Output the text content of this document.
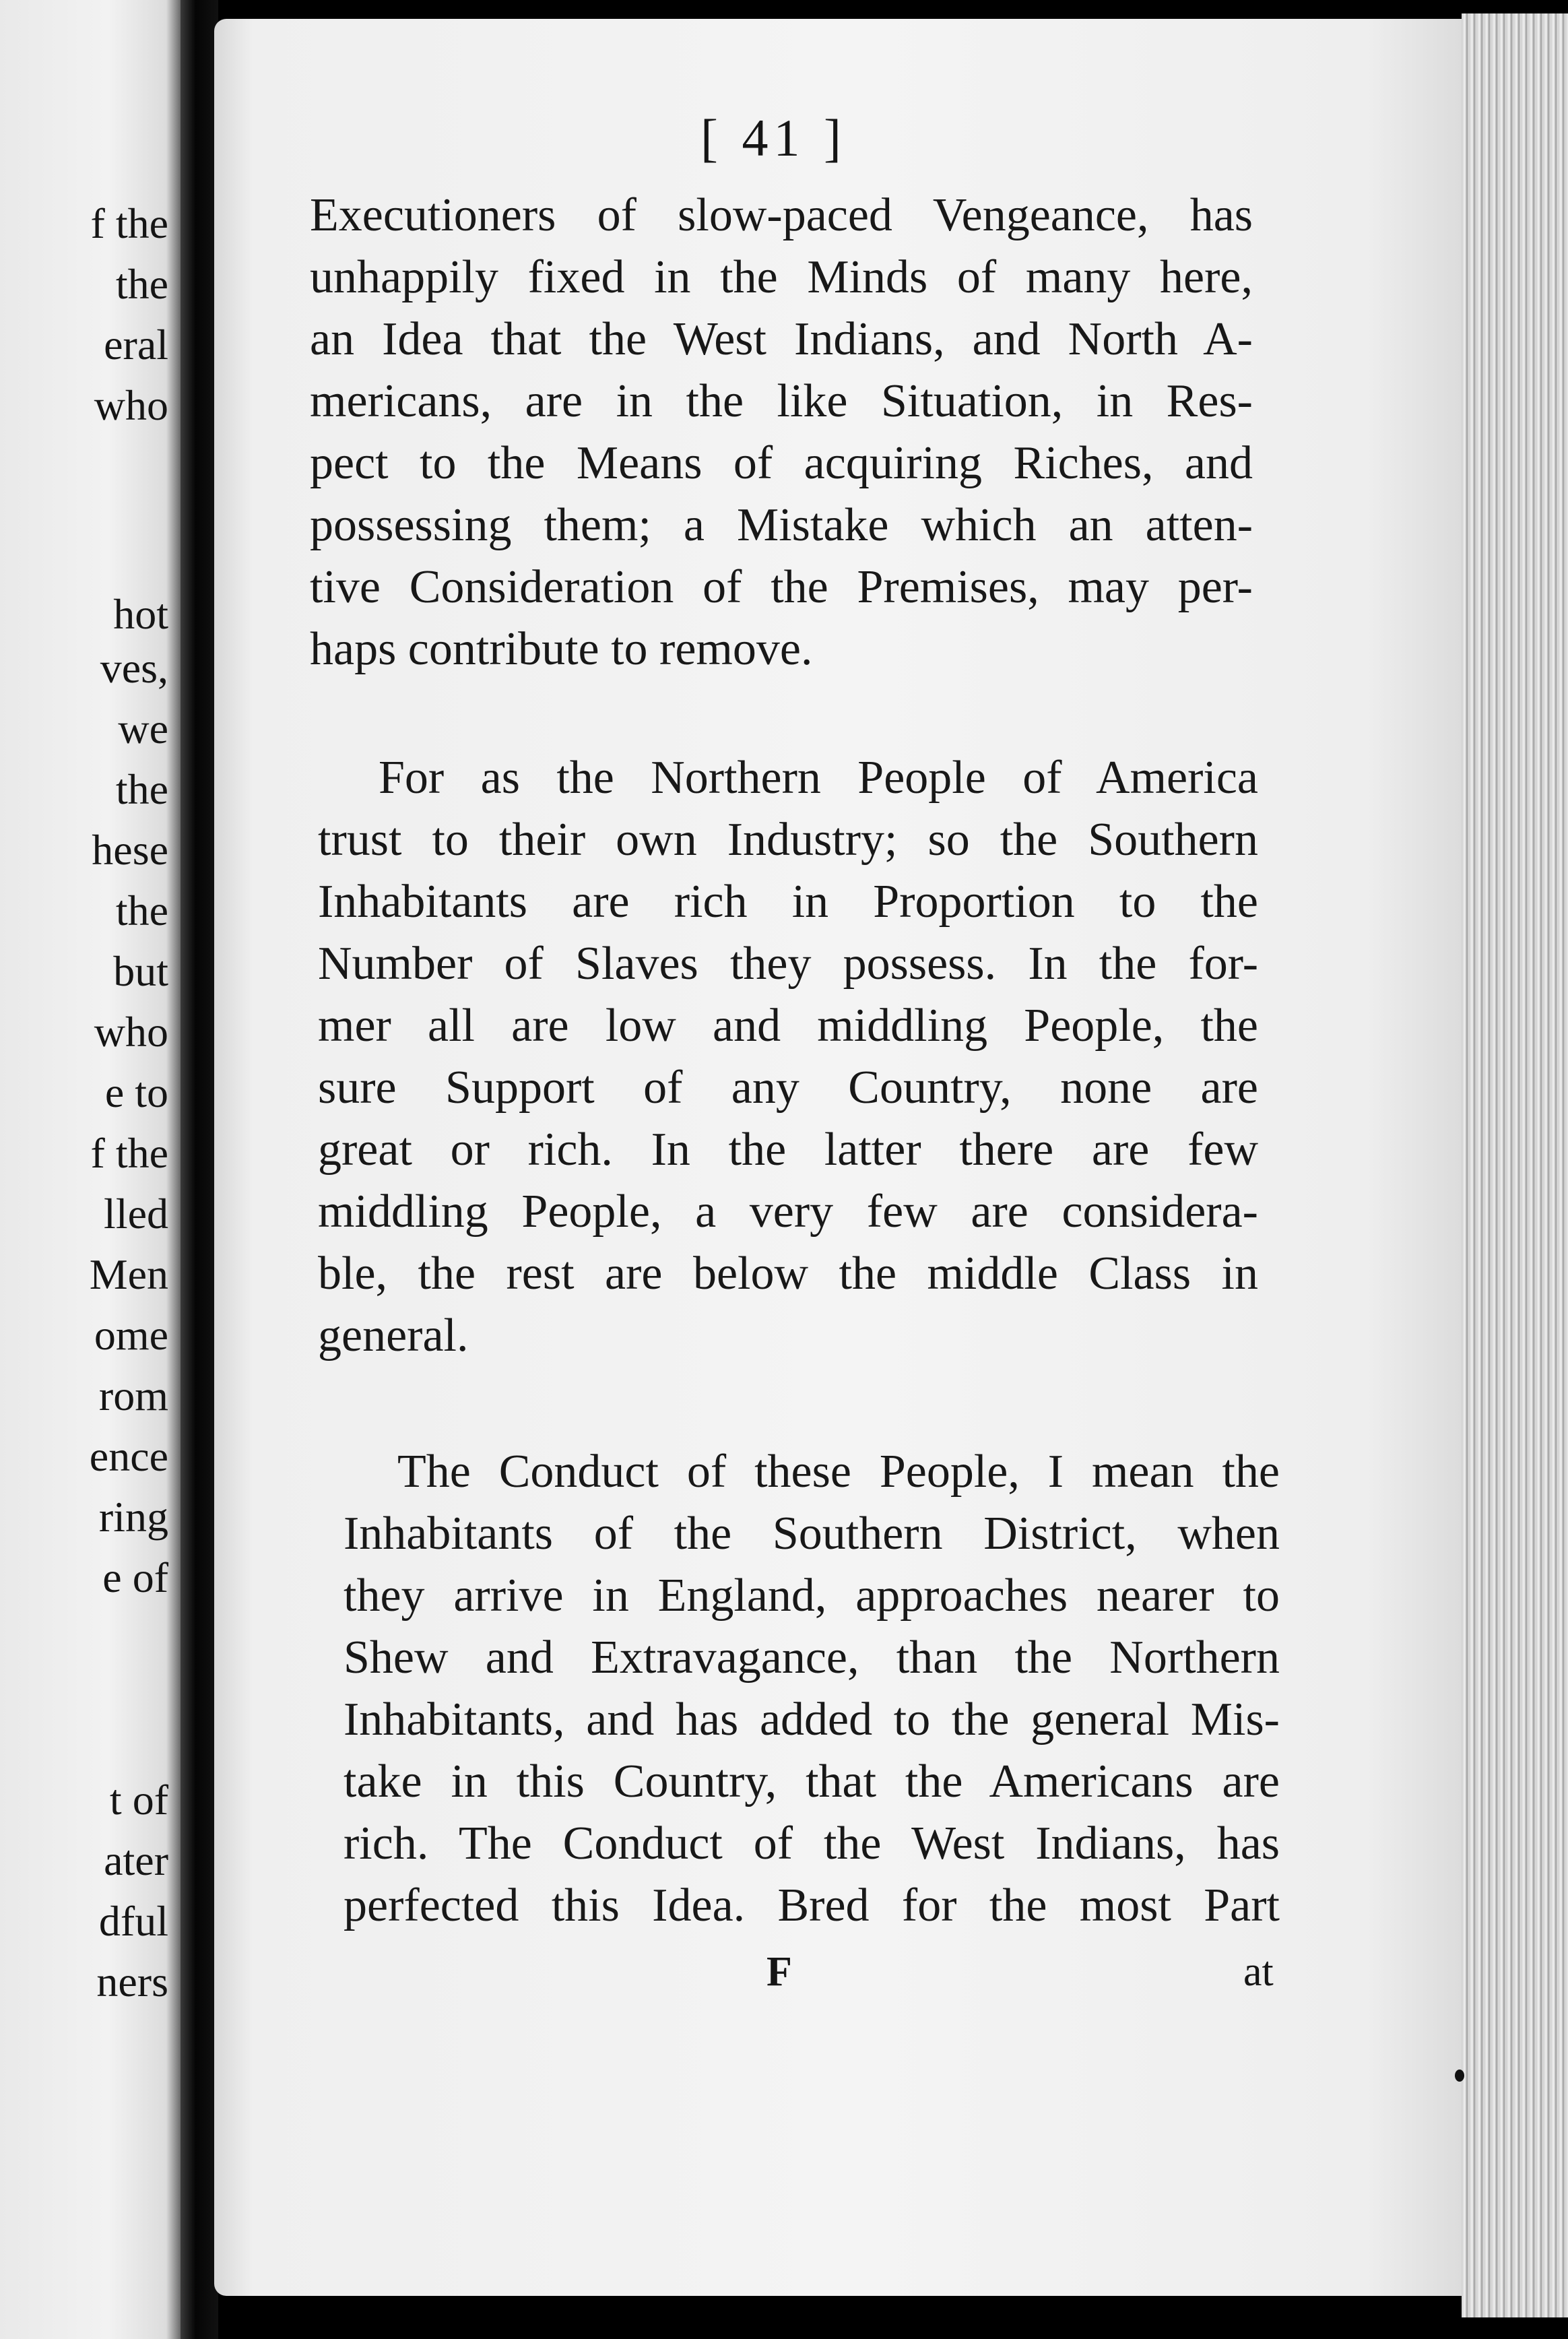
f the
the
eral
who
hot
ves,
we
the
hese
the
but
who
e to
f the
lled
Men
ome
rom
ence
ring
e of
t of
ater
dful
ners
[ 41 ]
Executioners of slow-paced Vengeance, has
unhappily fixed in the Minds of many here,
an Idea that the West Indians, and North A-
mericans, are in the like Situation, in Res-
pect to the Means of acquiring Riches, and
possessing them; a Mistake which an atten-
tive Consideration of the Premises, may per-
haps contribute to remove.
For as the Northern People of America
trust to their own Industry; so the Southern
Inhabitants are rich in Proportion to the
Number of Slaves they possess. In the for-
mer all are low and middling People, the
sure Support of any Country, none are
great or rich. In the latter there are few
middling People, a very few are considera-
ble, the rest are below the middle Class in
general.
The Conduct of these People, I mean the
Inhabitants of the Southern District, when
they arrive in England, approaches nearer to
Shew and Extravagance, than the Northern
Inhabitants, and has added to the general Mis-
take in this Country, that the Americans are
rich. The Conduct of the West Indians, has
perfected this Idea. Bred for the most Part
F	at
